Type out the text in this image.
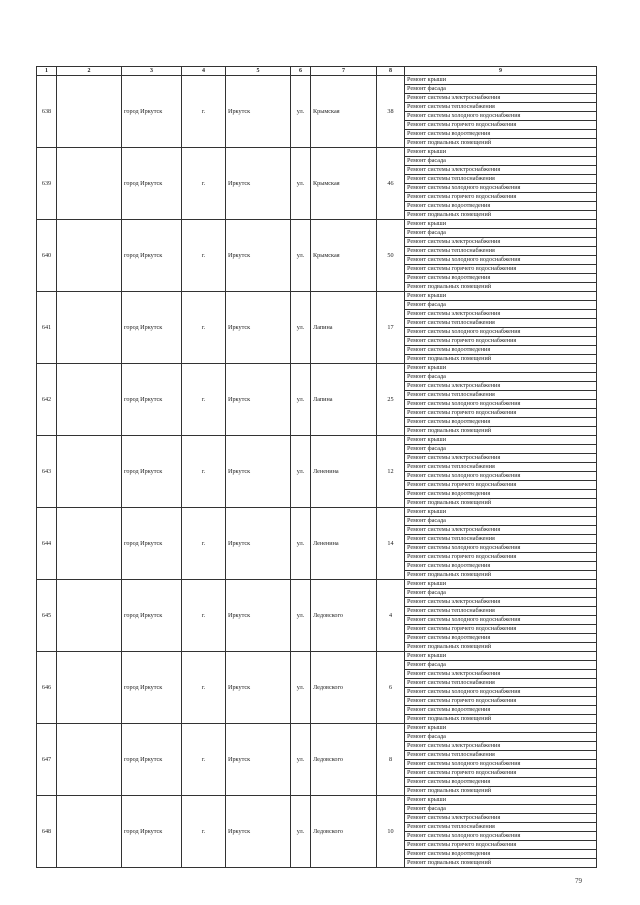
1	2	3	4	5	6	7	8	9
638		город Иркутск	г.	Иркутск	ул.	Крымская	38	Ремонт крыши
								Ремонт фасада
								Ремонт системы электроснабжения
								Ремонт системы теплоснабжения
								Ремонт системы холодного водоснабжения
								Ремонт системы горячего водоснабжения
								Ремонт системы водоотведения
								Ремонт подвальных помещений
639		город Иркутск	г.	Иркутск	ул.	Крымская	46	Ремонт крыши
								Ремонт фасада
								Ремонт системы электроснабжения
								Ремонт системы теплоснабжения
								Ремонт системы холодного водоснабжения
								Ремонт системы горячего водоснабжения
								Ремонт системы водоотведения
								Ремонт подвальных помещений
640		город Иркутск	г.	Иркутск	ул.	Крымская	50	Ремонт крыши
								Ремонт фасада
								Ремонт системы электроснабжения
								Ремонт системы теплоснабжения
								Ремонт системы холодного водоснабжения
								Ремонт системы горячего водоснабжения
								Ремонт системы водоотведения
								Ремонт подвальных помещений
641		город Иркутск	г.	Иркутск	ул.	Лапина	17	Ремонт крыши
								Ремонт фасада
								Ремонт системы электроснабжения
								Ремонт системы теплоснабжения
								Ремонт системы холодного водоснабжения
								Ремонт системы горячего водоснабжения
								Ремонт системы водоотведения
								Ремонт подвальных помещений
642		город Иркутск	г.	Иркутск	ул.	Лапина	25	Ремонт крыши
								Ремонт фасада
								Ремонт системы электроснабжения
								Ремонт системы теплоснабжения
								Ремонт системы холодного водоснабжения
								Ремонт системы горячего водоснабжения
								Ремонт системы водоотведения
								Ремонт подвальных помещений
643		город Иркутск	г.	Иркутск	ул.	Лененина	12	Ремонт крыши
								Ремонт фасада
								Ремонт системы электроснабжения
								Ремонт системы теплоснабжения
								Ремонт системы холодного водоснабжения
								Ремонт системы горячего водоснабжения
								Ремонт системы водоотведения
								Ремонт подвальных помещений
644		город Иркутск	г.	Иркутск	ул.	Лененина	14	Ремонт крыши
								Ремонт фасада
								Ремонт системы электроснабжения
								Ремонт системы теплоснабжения
								Ремонт системы холодного водоснабжения
								Ремонт системы горячего водоснабжения
								Ремонт системы водоотведения
								Ремонт подвальных помещений
645		город Иркутск	г.	Иркутск	ул.	Ледовского	4	Ремонт крыши
								Ремонт фасада
								Ремонт системы электроснабжения
								Ремонт системы теплоснабжения
								Ремонт системы холодного водоснабжения
								Ремонт системы горячего водоснабжения
								Ремонт системы водоотведения
								Ремонт подвальных помещений
646		город Иркутск	г.	Иркутск	ул.	Ледовского	6	Ремонт крыши
								Ремонт фасада
								Ремонт системы электроснабжения
								Ремонт системы теплоснабжения
								Ремонт системы холодного водоснабжения
								Ремонт системы горячего водоснабжения
								Ремонт системы водоотведения
								Ремонт подвальных помещений
647		город Иркутск	г.	Иркутск	ул.	Ледовского	8	Ремонт крыши
								Ремонт фасада
								Ремонт системы электроснабжения
								Ремонт системы теплоснабжения
								Ремонт системы холодного водоснабжения
								Ремонт системы горячего водоснабжения
								Ремонт системы водоотведения
								Ремонт подвальных помещений
648		город Иркутск	г.	Иркутск	ул.	Ледовского	10	Ремонт крыши
								Ремонт фасада
								Ремонт системы электроснабжения
								Ремонт системы теплоснабжения
								Ремонт системы холодного водоснабжения
								Ремонт системы горячего водоснабжения
								Ремонт системы водоотведения
								Ремонт подвальных помещений
79
